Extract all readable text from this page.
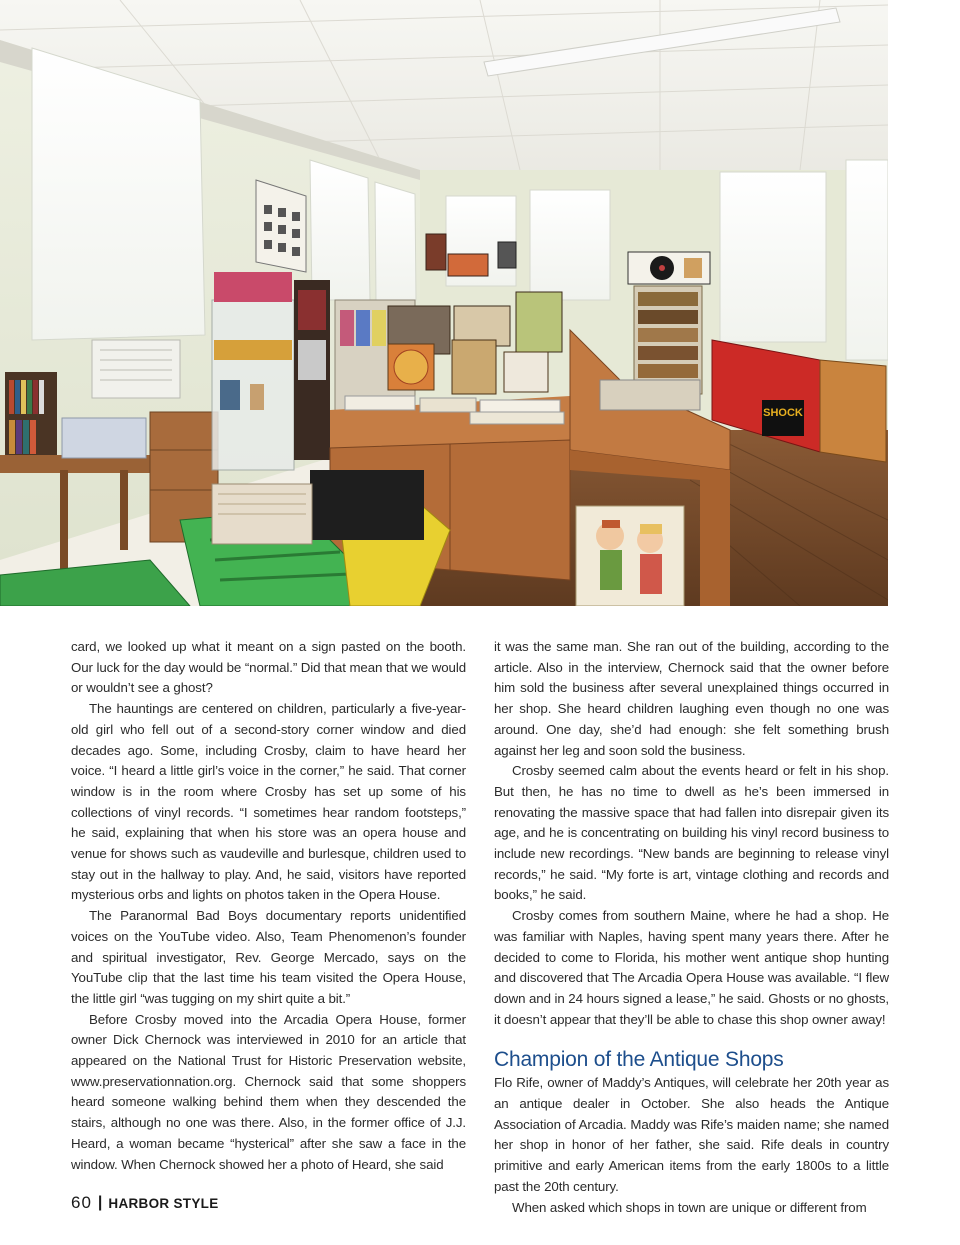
SHOCK

card, we looked up what it meant on a sign pasted on the booth. Our luck for the day would be “normal.” Did that mean that we would or wouldn’t see a ghost?

The hauntings are centered on children, particularly a five-year-old girl who fell out of a second-story corner window and died decades ago. Some, including Crosby, claim to have heard her voice. “I heard a little girl’s voice in the corner,” he said. That corner window is in the room where Crosby has set up some of his collections of vinyl records. “I sometimes hear random footsteps,” he said, explaining that when his store was an opera house and venue for shows such as vaudeville and burlesque, children used to stay out in the hallway to play. And, he said, visitors have reported mysterious orbs and lights on photos taken in the Opera House.

The Paranormal Bad Boys documentary reports unidentified voices on the YouTube video. Also, Team Phenomenon’s founder and spiritual investigator, Rev. George Mercado, says on the YouTube clip that the last time his team visited the Opera House, the little girl “was tugging on my shirt quite a bit.”

Before Crosby moved into the Arcadia Opera House, former owner Dick Chernock was interviewed in 2010 for an article that appeared on the National Trust for Historic Preservation website, www.preservationnation.org. Chernock said that some shoppers heard someone walking behind them when they descended the stairs, although no one was there. Also, in the former office of J.J. Heard, a woman became “hysterical” after she saw a face in the window. When Chernock showed her a photo of Heard, she said

it was the same man. She ran out of the building, according to the article. Also in the interview, Chernock said that the owner before him sold the business after several unexplained things occurred in her shop. She heard children laughing even though no one was around. One day, she’d had enough: she felt something brush against her leg and soon sold the business.

Crosby seemed calm about the events heard or felt in his shop. But then, he has no time to dwell as he’s been immersed in renovating the massive space that had fallen into disrepair given its age, and he is concentrating on building his vinyl record business to include new recordings. “New bands are beginning to release vinyl records,” he said. “My forte is art, vintage clothing and records and books,” he said.

Crosby comes from southern Maine, where he had a shop. He was familiar with Naples, having spent many years there. After he decided to come to Florida, his mother went antique shop hunting and discovered that The Arcadia Opera House was available. “I flew down and in 24 hours signed a lease,” he said. Ghosts or no ghosts, it doesn’t appear that they’ll be able to chase this shop owner away!

Champion of the Antique Shops

Flo Rife, owner of Maddy’s Antiques, will celebrate her 20th year as an antique dealer in October. She also heads the Antique Association of Arcadia. Maddy was Rife’s maiden name; she named her shop in honor of her father, she said. Rife deals in country primitive and early American items from the early 1800s to a little past the 20th century.

When asked which shops in town are unique or different from

60 | HARBOR STYLE
